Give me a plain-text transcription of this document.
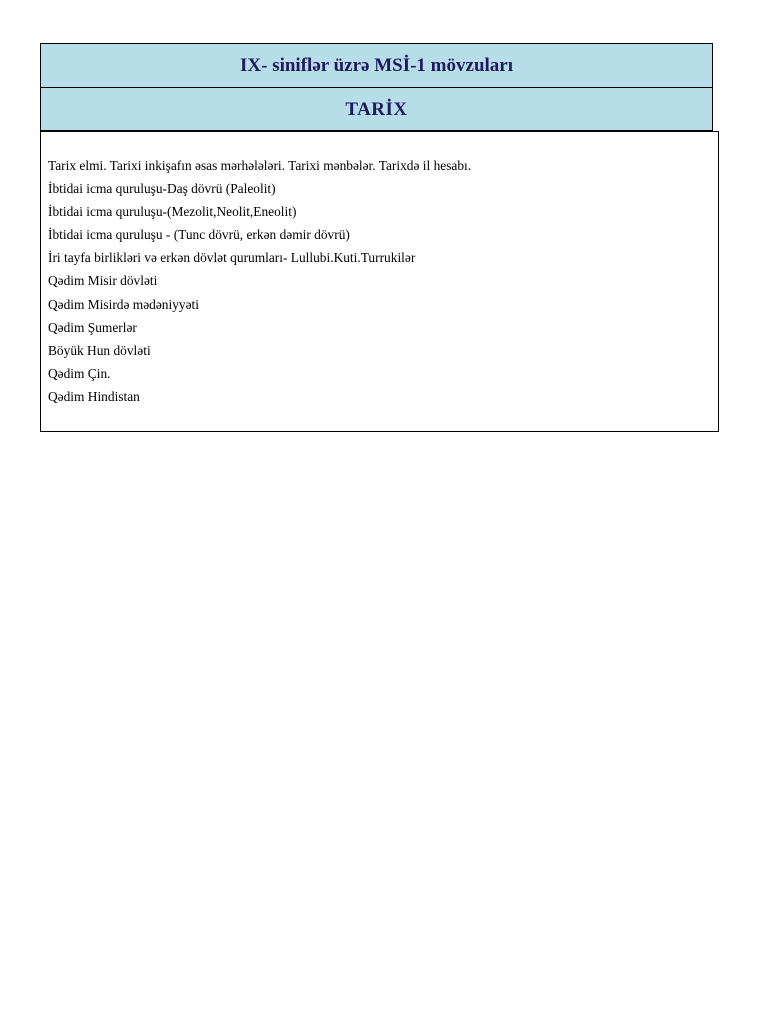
IX- siniflər üzrə MSİ-1 mövzuları
TARİX
Tarix elmi. Tarixi inkişafın əsas mərhələləri. Tarixi mənbələr. Tarixdə il hesabı.
İbtidai icma quruluşu-Daş dövrü (Paleolit)
İbtidai icma quruluşu-(Mezolit,Neolit,Eneolit)
İbtidai icma quruluşu - (Tunc dövrü, erkən dəmir dövrü)
İri tayfa birlikləri və erkən dövlət qurumları- Lullubi.Kuti.Turrukilər
Qədim Misir dövləti
Qədim Misirdə mədəniyyəti
Qədim Şumerlər
Böyük Hun dövləti
Qədim Çin.
Qədim Hindistan
